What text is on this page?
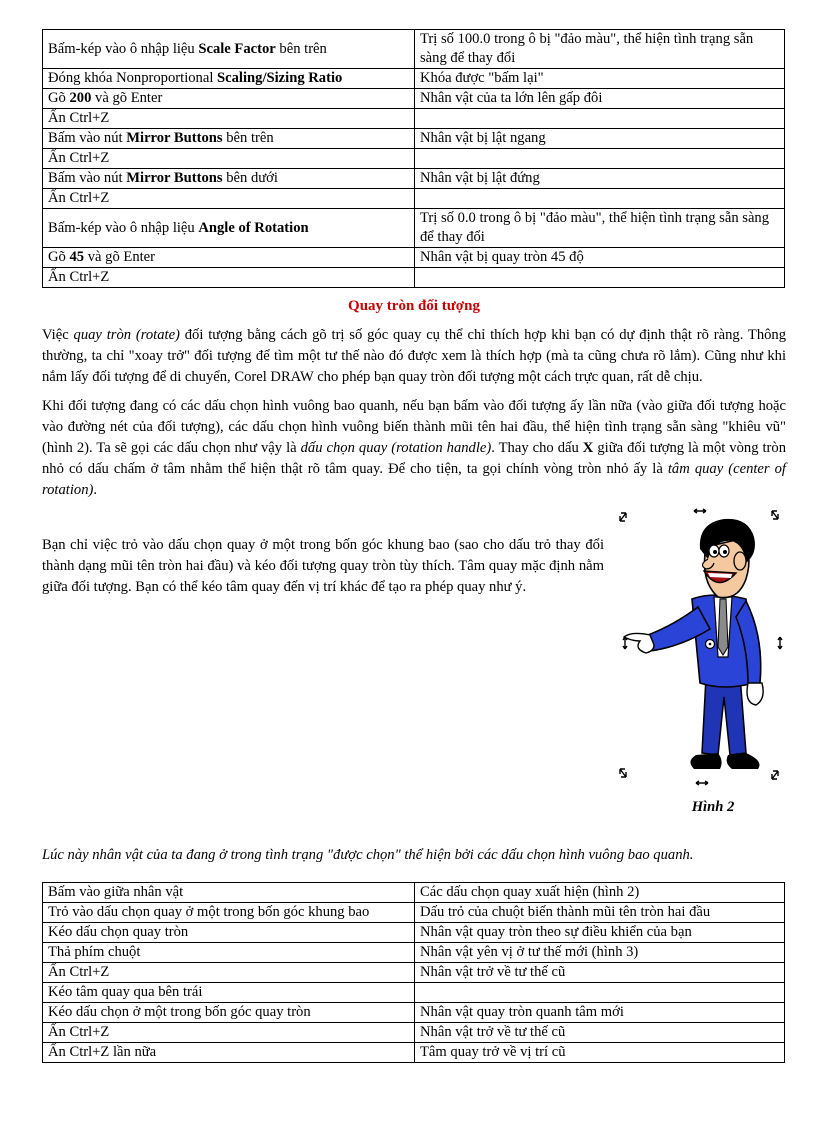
Bấm-kép vào ô nhập liệu Scale Factor bên trên	Trị số 100.0 trong ô bị "đảo màu", thể hiện tình trạng sẵn sàng để thay đổi
Đóng khóa Nonproportional Scaling/Sizing Ratio	Khóa được "bấm lại"
Gõ 200 và gõ Enter	Nhân vật của ta lớn lên gấp đôi
Ấn Ctrl+Z	
Bấm vào nút Mirror Buttons bên trên	Nhân vật bị lật ngang
Ấn Ctrl+Z	
Bấm vào nút Mirror Buttons bên dưới	Nhân vật bị lật đứng
Ấn Ctrl+Z	
Bấm-kép vào ô nhập liệu Angle of Rotation	Trị số 0.0 trong ô bị "đảo màu", thể hiện tình trạng sẵn sàng để thay đổi
Gõ 45 và gõ Enter	Nhân vật bị quay tròn 45 độ
Ấn Ctrl+Z	
Quay tròn đối tượng

Việc quay tròn (rotate) đối tượng bằng cách gõ trị số góc quay cụ thể chỉ thích hợp khi bạn có dự định thật rõ ràng. Thông thường, ta chỉ "xoay trở" đối tượng để tìm một tư thế nào đó được xem là thích hợp (mà ta cũng chưa rõ lắm). Cũng như khi nắm lấy đối tượng để di chuyển, Corel DRAW cho phép bạn quay tròn đối tượng một cách trực quan, rất dễ chịu.

Khi đối tượng đang có các dấu chọn hình vuông bao quanh, nếu bạn bấm vào đối tượng ấy lần nữa (vào giữa đối tượng hoặc vào đường nét của đối tượng), các dấu chọn hình vuông biến thành mũi tên hai đầu, thể hiện tình trạng sẵn sàng "khiêu vũ" (hình 2). Ta sẽ gọi các dấu chọn như vậy là dấu chọn quay (rotation handle). Thay cho dấu X giữa đối tượng là một vòng tròn nhỏ có dấu chấm ở tâm nhằm thể hiện thật rõ tâm quay. Để cho tiện, ta gọi chính vòng tròn nhỏ ấy là tâm quay (center of rotation).

Bạn chỉ việc trỏ vào dấu chọn quay ở một trong bốn góc khung bao (sao cho dấu trỏ thay đổi thành dạng mũi tên tròn hai đầu) và kéo đối tượng quay tròn tùy thích. Tâm quay mặc định nằm giữa đối tượng. Bạn có thể kéo tâm quay đến vị trí khác để tạo ra phép quay như ý.

Hình 2

Lúc này nhân vật của ta đang ở trong tình trạng "được chọn" thể hiện bởi các dấu chọn hình vuông bao quanh.

Bấm vào giữa nhân vật	Các dấu chọn quay xuất hiện (hình 2)
Trỏ vào dấu chọn quay ở một trong bốn góc khung bao	Dấu trỏ của chuột biến thành mũi tên tròn hai đầu
Kéo dấu chọn quay tròn	Nhân vật quay tròn theo sự điều khiển của bạn
Thả phím chuột	Nhân vật yên vị ở tư thế mới (hình 3)
Ấn Ctrl+Z	Nhân vật trở về tư thế cũ
Kéo tâm quay qua bên trái	
Kéo dấu chọn ở một trong bốn góc quay tròn	Nhân vật quay tròn quanh tâm mới
Ấn Ctrl+Z	Nhân vật trở về tư thế cũ
Ấn Ctrl+Z lần nữa	Tâm quay trở về vị trí cũ
